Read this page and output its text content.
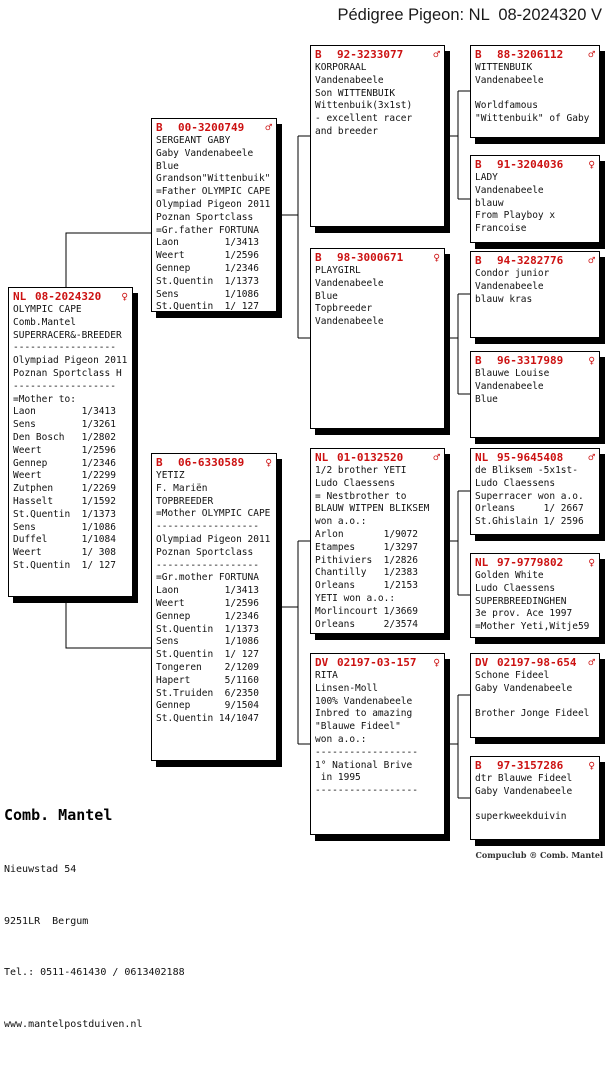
Pédigree Pigeon: NL  08-2024320 V
NL 08-2024320 ♀
OLYMPIC CAPE
Comb.Mantel
SUPERRACER&-BREEDER
------------------
Olympiad Pigeon 2011
Poznan Sportclass H
------------------
=Mother to:
Laon        1/3413
Sens        1/3261
Den Bosch   1/2802
Weert       1/2596
Gennep      1/2346
Weert       1/2299
Zutphen     1/2269
Hasselt     1/1592
St.Quentin  1/1373
Sens        1/1086
Duffel      1/1084
Weert       1/ 308
St.Quentin  1/ 127
B	00-3200749 ♂
SERGEANT GABY
Gaby Vandenabeele
Blue
Grandson"Wittenbuik"
=Father OLYMPIC CAPE
Olympiad Pigeon 2011
Poznan Sportclass
=Gr.father FORTUNA
Laon        1/3413
Weert       1/2596
Gennep      1/2346
St.Quentin  1/1373
Sens        1/1086
St.Quentin  1/ 127
B	06-6330589 ♀
YETIZ
F. Mariën
TOPBREEDER
=Mother OLYMPIC CAPE
------------------
Olympiad Pigeon 2011
Poznan Sportclass
------------------
=Gr.mother FORTUNA
Laon        1/3413
Weert       1/2596
Gennep      1/2346
St.Quentin  1/1373
Sens        1/1086
St.Quentin  1/ 127
Tongeren    2/1209
Hapert      5/1160
St.Truiden  6/2350
Gennep      9/1504
St.Quentin 14/1047
B	92-3233077	♂
KORPORAAL
Vandenabeele
Son WITTENBUIK
Wittenbuik(3x1st)
- excellent racer
and breeder
B	98-3000671	♀
PLAYGIRL
Vandenabeele
Blue
Topbreeder
Vandenabeele
NL 01-0132520	♂
1/2 brother YETI
Ludo Claessens
= Nestbrother to
BLAUW WITPEN BLIKSEM
won a.o.:
Arlon       1/9072
Etampes     1/3297
Pithiviers  1/2826
Chantilly   1/2383
Orleans     1/2153
YETI won a.o.:
Morlincourt 1/3669
Orleans     2/3574
DV 02197-03-157 ♀
RITA
Linsen-Moll
100% Vandenabeele
Inbred to amazing
"Blauwe Fideel"
won a.o.:
------------------
1° National Brive
in 1995
------------------
B	88-3206112 ♂
WITTENBUIK
Vandenabeele

Worldfamous
"Wittenbuik" of Gaby
B	91-3204036 ♀
LADY
Vandenabeele
blauw
From Playboy x
Francoise
B	94-3282776 ♂
Condor junior
Vandenabeele
blauw kras
B	96-3317989 ♀
Blauwe Louise
Vandenabeele
Blue
NL 95-9645408 ♂
de Bliksem -5x1st-
Ludo Claessens
Superracer won a.o.
Orleans     1/ 2667
St.Ghislain 1/ 2596
NL 97-9779802 ♀
Golden White
Ludo Claessens
SUPERBREEDINGHEN
3e prov. Ace 1997
=Mother Yeti,Witje59
DV 02197-98-654 ♂
Schone Fideel
Gaby Vandenabeele

Brother Jonge Fideel
B	97-3157286 ♀
dtr Blauwe Fideel
Gaby Vandenabeele

superkweekduivin

Comb. Mantel

Nieuwstad 54

9251LR  Bergum

Tel.: 0511-461430 / 0613402188

www.mantelpostduiven.nl

Compuclub ® Comb. Mantel
